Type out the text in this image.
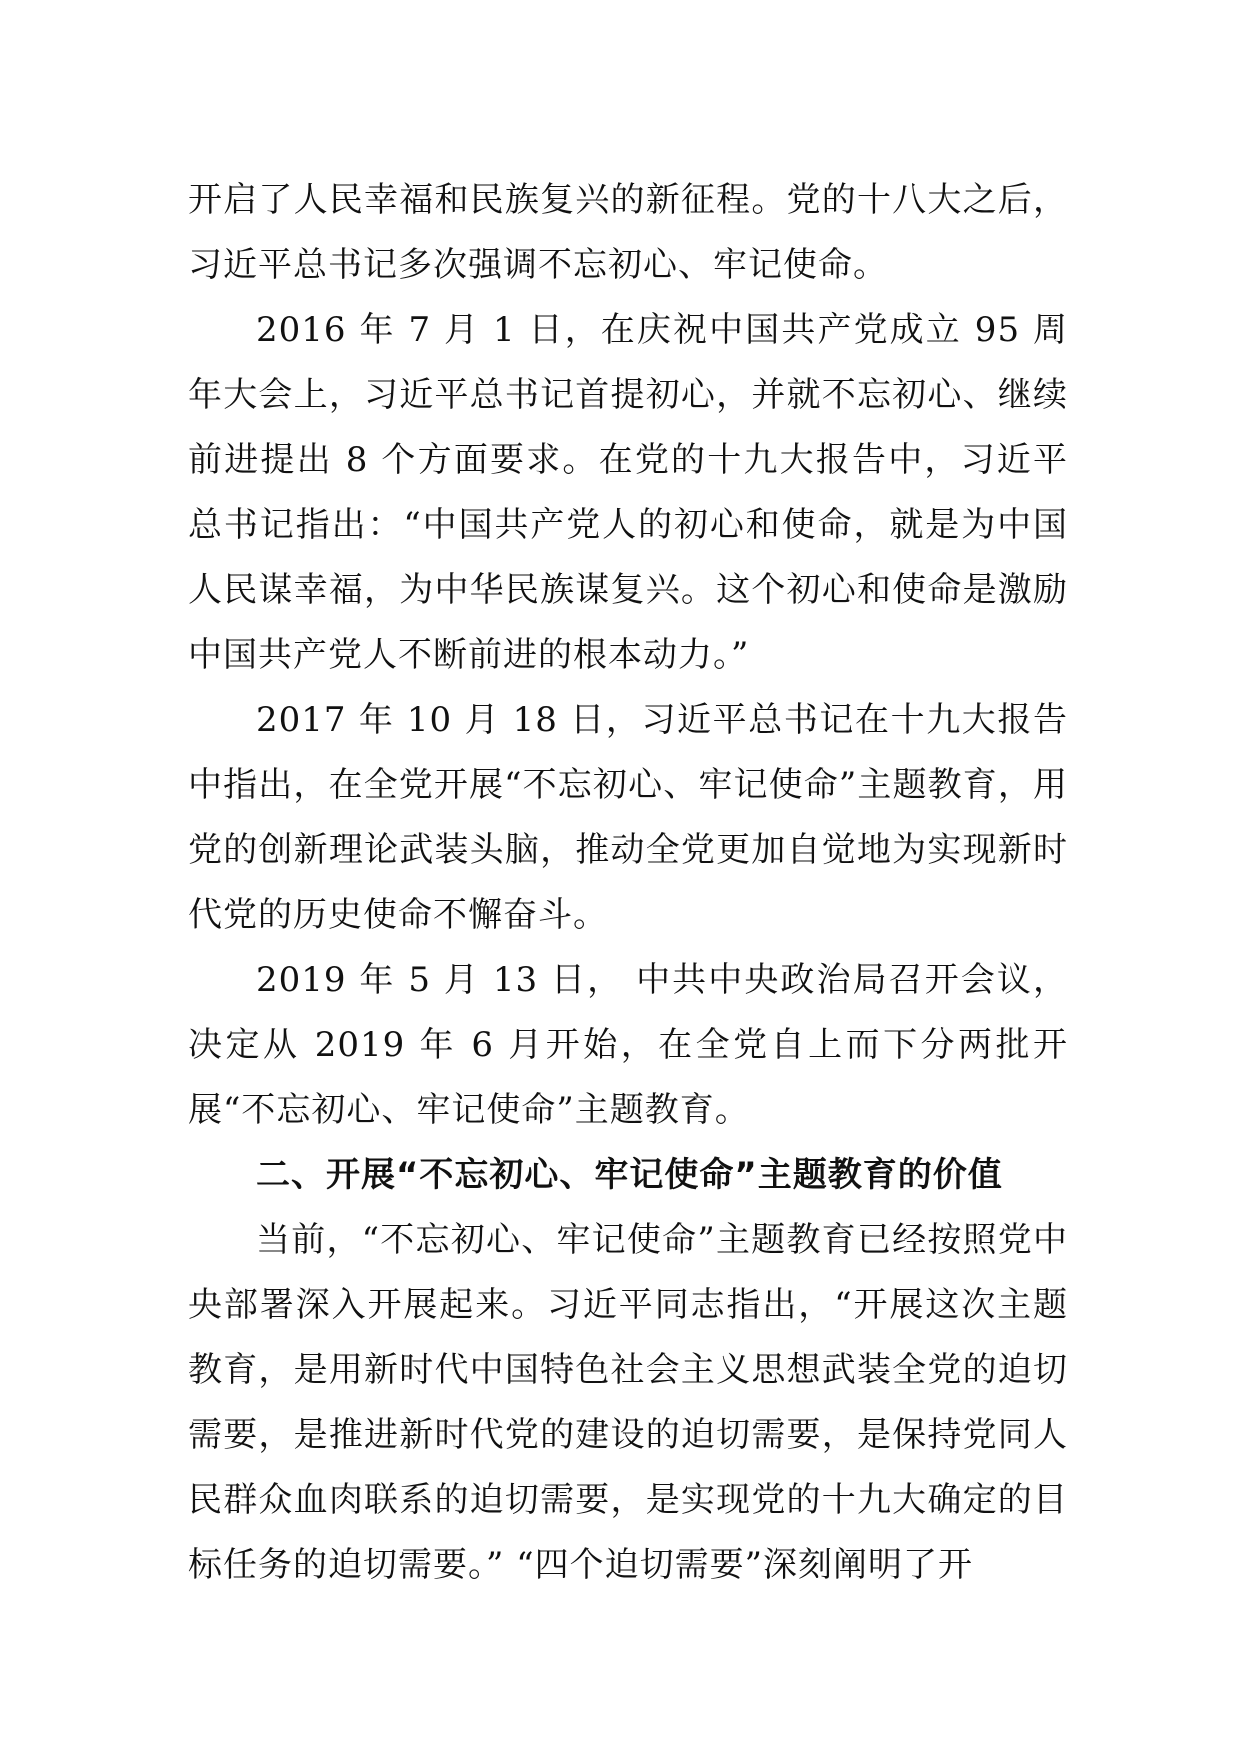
开启了人民幸福和民族复兴的新征程。党的十八大之后，习近平总书记多次强调不忘初心、牢记使命。

2016 年 7 月 1 日，在庆祝中国共产党成立 95 周年大会上，习近平总书记首提初心，并就不忘初心、继续前进提出 8 个方面要求。在党的十九大报告中，习近平总书记指出：“中国共产党人的初心和使命，就是为中国人民谋幸福，为中华民族谋复兴。这个初心和使命是激励中国共产党人不断前进的根本动力。”

2017 年 10 月 18 日，习近平总书记在十九大报告中指出，在全党开展“不忘初心、牢记使命”主题教育，用党的创新理论武装头脑，推动全党更加自觉地为实现新时代党的历史使命不懈奋斗。

2019 年 5 月 13 日， 中共中央政治局召开会议，决定从 2019 年 6 月开始，在全党自上而下分两批开展“不忘初心、牢记使命”主题教育。

二、开展“不忘初心、牢记使命”主题教育的价值

当前，“不忘初心、牢记使命”主题教育已经按照党中央部署深入开展起来。习近平同志指出，“开展这次主题教育，是用新时代中国特色社会主义思想武装全党的迫切需要，是推进新时代党的建设的迫切需要，是保持党同人民群众血肉联系的迫切需要，是实现党的十九大确定的目标任务的迫切需要。” “四个迫切需要”深刻阐明了开
